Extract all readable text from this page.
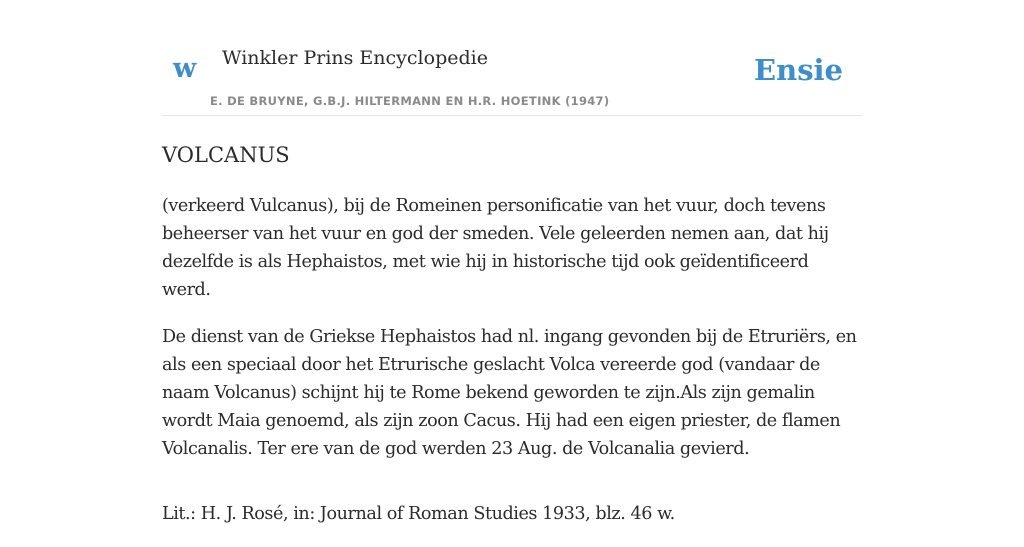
w Winkler Prins Encyclopedie
E. DE BRUYNE, G.B.J. HILTERMANN EN H.R. HOETINK (1947)
Ensie
VOLCANUS

(verkeerd Vulcanus), bij de Romeinen personificatie van het vuur, doch tevens beheerser van het vuur en god der smeden. Vele geleerden nemen aan, dat hij dezelfde is als Hephaistos, met wie hij in historische tijd ook geïdentificeerd werd.

De dienst van de Griekse Hephaistos had nl. ingang gevonden bij de Etruriërs, en als een speciaal door het Etrurische geslacht Volca vereerde god (vandaar de naam Volcanus) schijnt hij te Rome bekend geworden te zijn.Als zijn gemalin wordt Maia genoemd, als zijn zoon Cacus. Hij had een eigen priester, de flamen Volcanalis. Ter ere van de god werden 23 Aug. de Volcanalia gevierd.

Lit.: H. J. Rosé, in: Journal of Roman Studies 1933, blz. 46 w.
